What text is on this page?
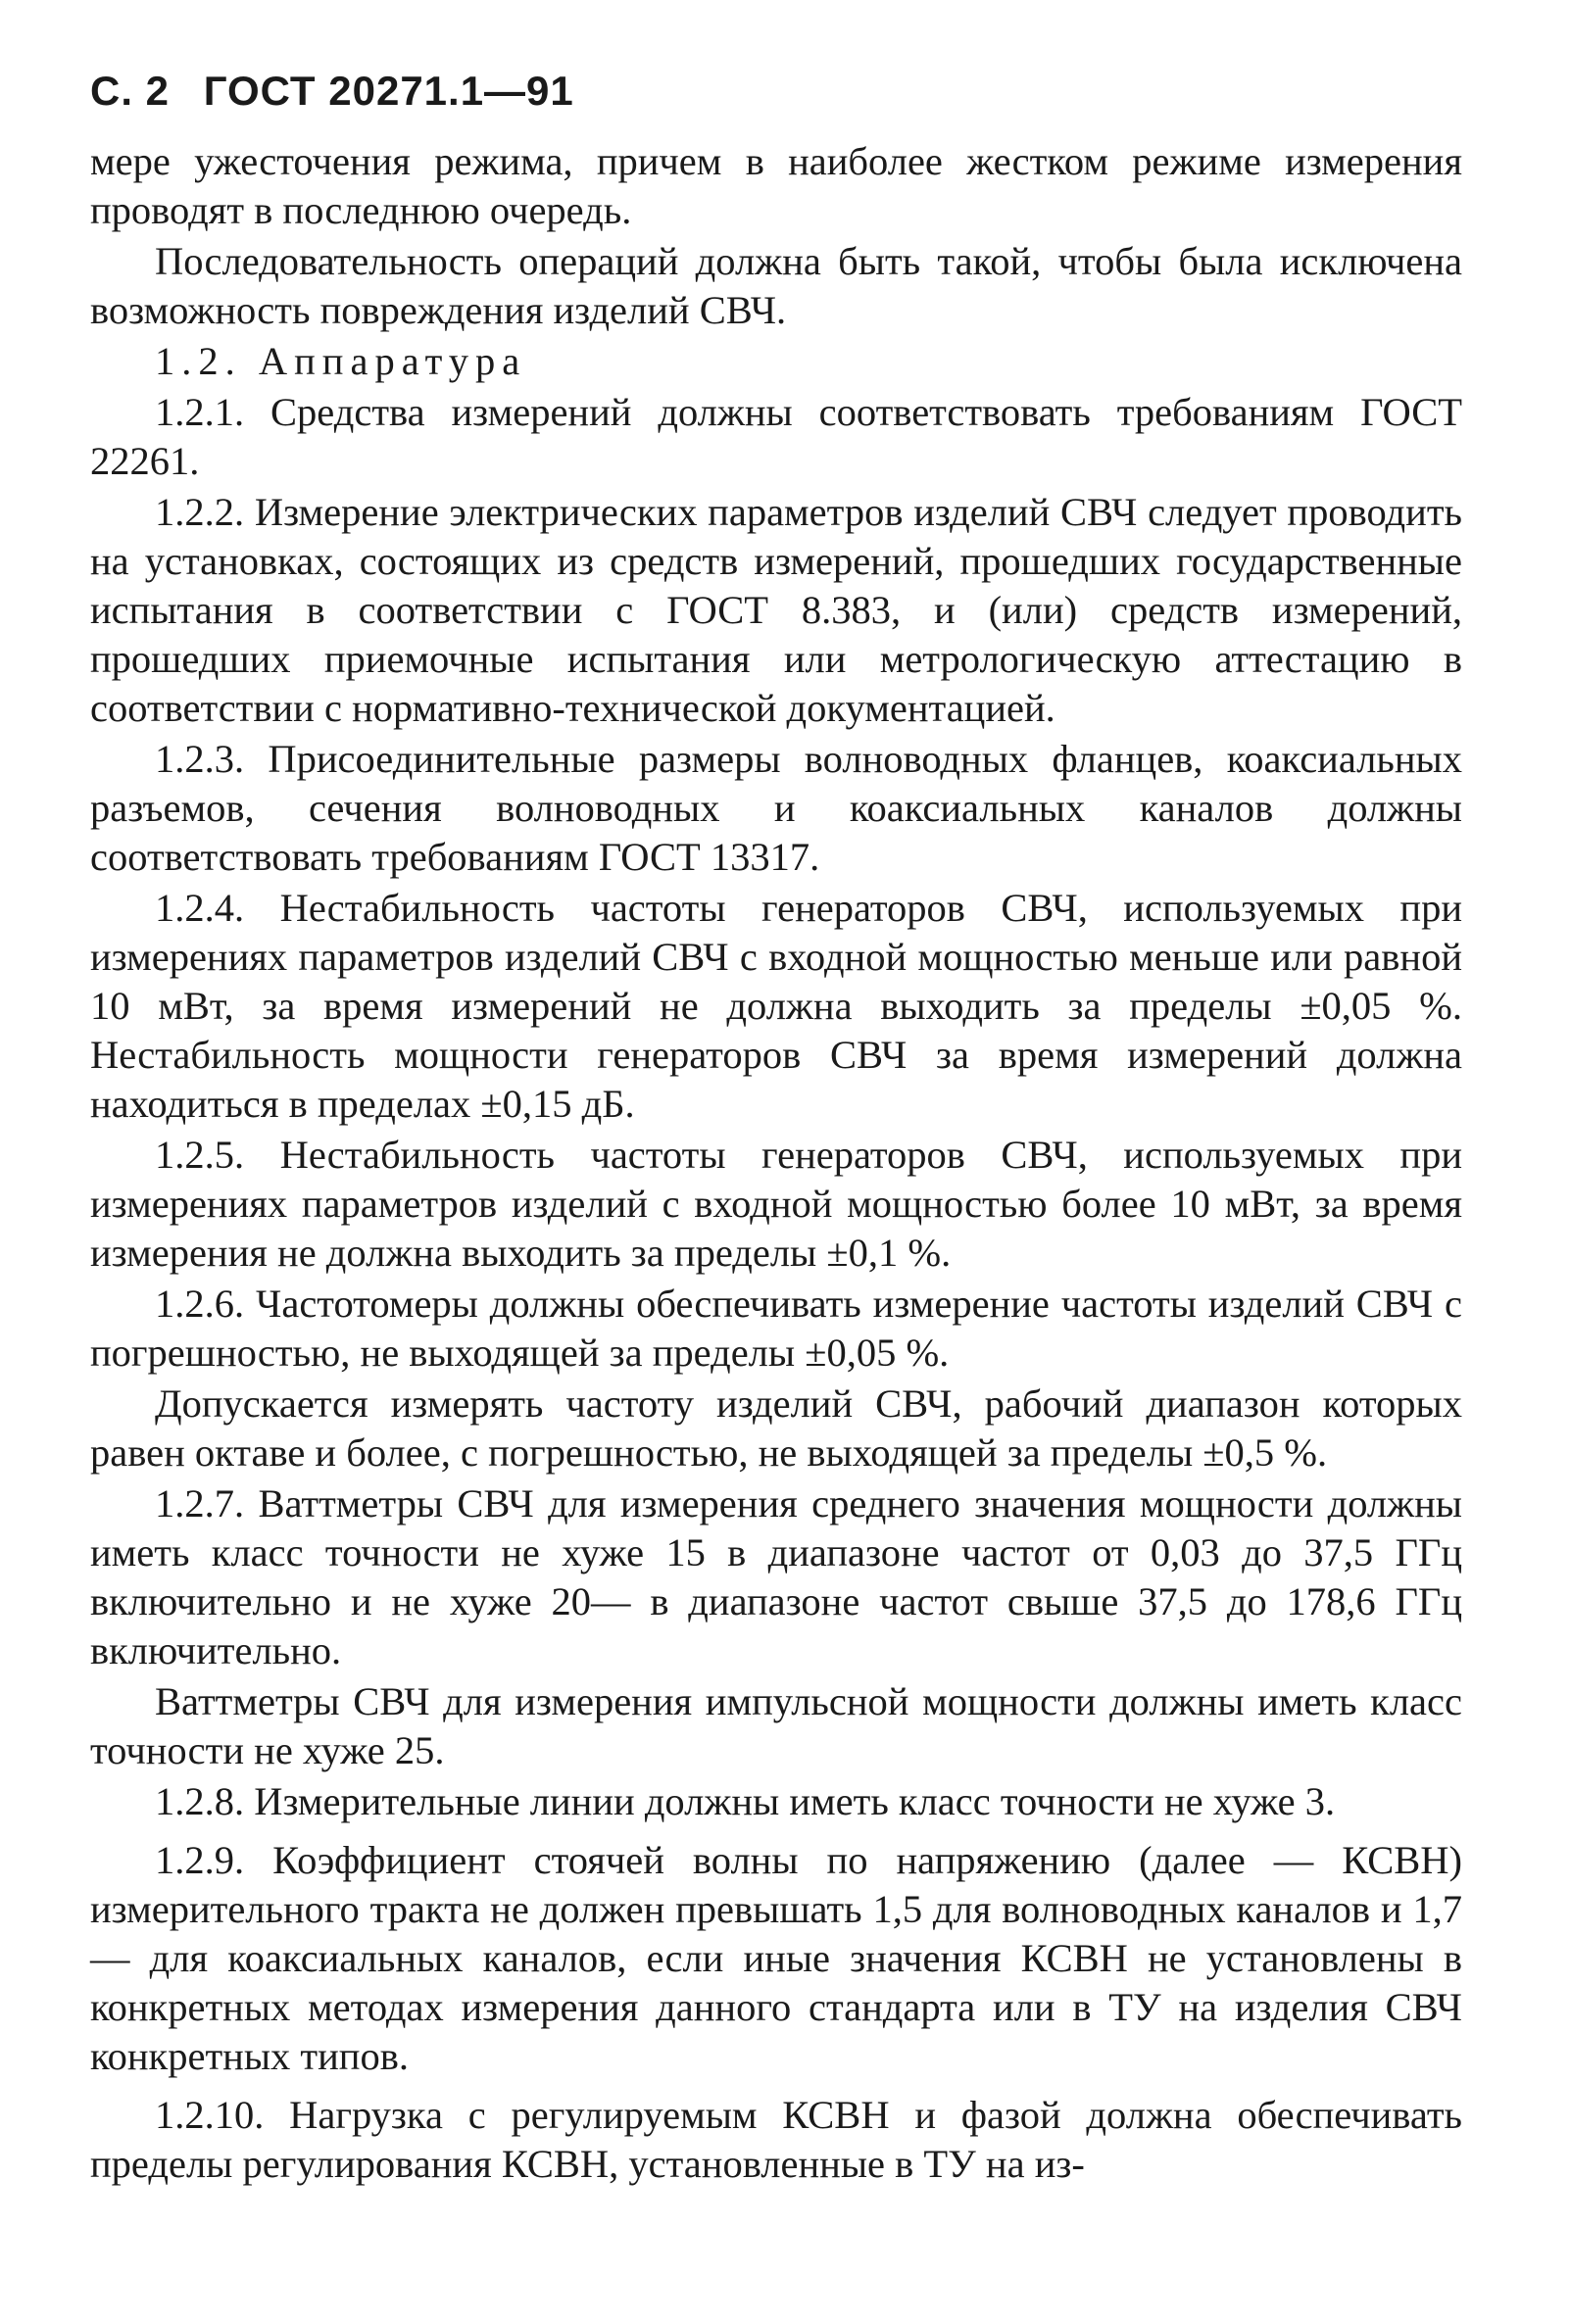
С. 2 ГОСТ 20271.1—91

мере ужесточения режима, причем в наиболее жестком режиме измерения проводят в последнюю очередь.

Последовательность операций должна быть такой, чтобы была исключена возможность повреждения изделий СВЧ.

1.2. Аппаратура

1.2.1. Средства измерений должны соответствовать требованиям ГОСТ 22261.

1.2.2. Измерение электрических параметров изделий СВЧ следует проводить на установках, состоящих из средств измерений, прошедших государственные испытания в соответствии с ГОСТ 8.383, и (или) средств измерений, прошедших приемочные испытания или метрологическую аттестацию в соответствии с нормативно-технической документацией.

1.2.3. Присоединительные размеры волноводных фланцев, коаксиальных разъемов, сечения волноводных и коаксиальных каналов должны соответствовать требованиям ГОСТ 13317.

1.2.4. Нестабильность частоты генераторов СВЧ, используемых при измерениях параметров изделий СВЧ с входной мощностью меньше или равной 10 мВт, за время измерений не должна выходить за пределы ±0,05 %. Нестабильность мощности генераторов СВЧ за время измерений должна находиться в пределах ±0,15 дБ.

1.2.5. Нестабильность частоты генераторов СВЧ, используемых при измерениях параметров изделий с входной мощностью более 10 мВт, за время измерения не должна выходить за пределы ±0,1 %.

1.2.6. Частотомеры должны обеспечивать измерение частоты изделий СВЧ с погрешностью, не выходящей за пределы ±0,05 %.

Допускается измерять частоту изделий СВЧ, рабочий диапазон которых равен октаве и более, с погрешностью, не выходящей за пределы ±0,5 %.

1.2.7. Ваттметры СВЧ для измерения среднего значения мощности должны иметь класс точности не хуже 15 в диапазоне частот от 0,03 до 37,5 ГГц включительно и не хуже 20— в диапазоне частот свыше 37,5 до 178,6 ГГц включительно.

Ваттметры СВЧ для измерения импульсной мощности должны иметь класс точности не хуже 25.

1.2.8. Измерительные линии должны иметь класс точности не хуже 3.

1.2.9. Коэффициент стоячей волны по напряжению (далее — КСВН) измерительного тракта не должен превышать 1,5 для волноводных каналов и 1,7 — для коаксиальных каналов, если иные значения КСВН не установлены в конкретных методах измерения данного стандарта или в ТУ на изделия СВЧ конкретных типов.

1.2.10. Нагрузка с регулируемым КСВН и фазой должна обеспечивать пределы регулирования КСВН, установленные в ТУ на из-
